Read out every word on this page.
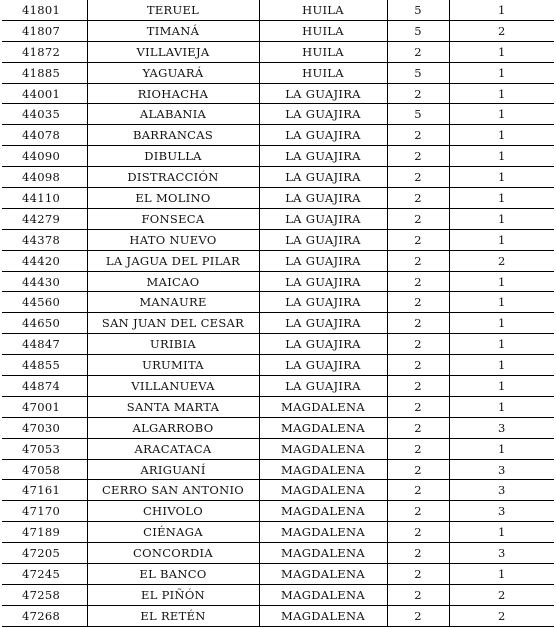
41801	TERUEL	HUILA	5	1
41807	TIMANÁ	HUILA	5	2
41872	VILLAVIEJA	HUILA	2	1
41885	YAGUARÁ	HUILA	5	1
44001	RIOHACHA	LA GUAJIRA	2	1
44035	ALABANIA	LA GUAJIRA	5	1
44078	BARRANCAS	LA GUAJIRA	2	1
44090	DIBULLA	LA GUAJIRA	2	1
44098	DISTRACCIÓN	LA GUAJIRA	2	1
44110	EL MOLINO	LA GUAJIRA	2	1
44279	FONSECA	LA GUAJIRA	2	1
44378	HATO NUEVO	LA GUAJIRA	2	1
44420	LA JAGUA DEL PILAR	LA GUAJIRA	2	2
44430	MAICAO	LA GUAJIRA	2	1
44560	MANAURE	LA GUAJIRA	2	1
44650	SAN JUAN DEL CESAR	LA GUAJIRA	2	1
44847	URIBIA	LA GUAJIRA	2	1
44855	URUMITA	LA GUAJIRA	2	1
44874	VILLANUEVA	LA GUAJIRA	2	1
47001	SANTA MARTA	MAGDALENA	2	1
47030	ALGARROBO	MAGDALENA	2	3
47053	ARACATACA	MAGDALENA	2	1
47058	ARIGUANÍ	MAGDALENA	2	3
47161	CERRO SAN ANTONIO	MAGDALENA	2	3
47170	CHIVOLO	MAGDALENA	2	3
47189	CIÉNAGA	MAGDALENA	2	1
47205	CONCORDIA	MAGDALENA	2	3
47245	EL BANCO	MAGDALENA	2	1
47258	EL PIÑÓN	MAGDALENA	2	2
47268	EL RETÉN	MAGDALENA	2	2
